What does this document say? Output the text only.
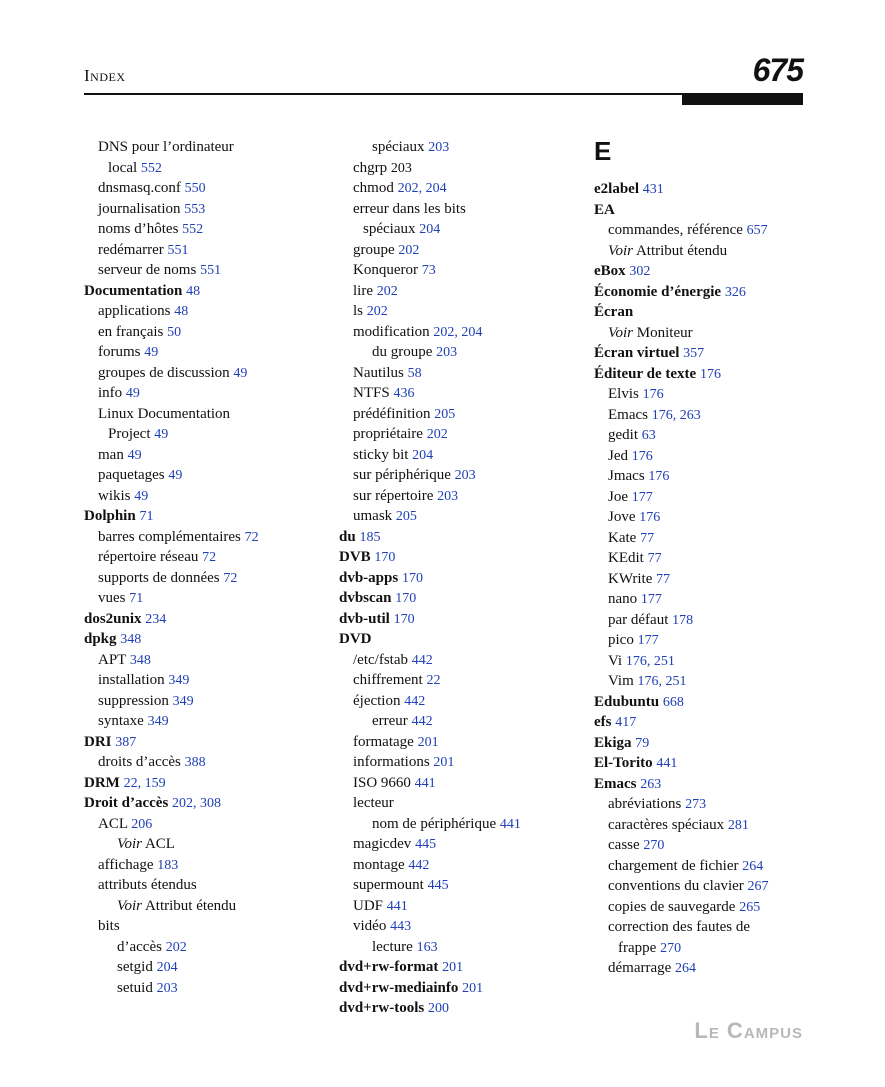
Index	675
DNS pour l’ordinateur
local 552
dnsmasq.conf 550
journalisation 553
noms d’hôtes 552
redémarrer 551
serveur de noms 551
Documentation 48
applications 48
en français 50
forums 49
groupes de discussion 49
info 49
Linux Documentation
Project 49
man 49
paquetages 49
wikis 49
Dolphin 71
barres complémentaires 72
répertoire réseau 72
supports de données 72
vues 71
dos2unix 234
dpkg 348
APT 348
installation 349
suppression 349
syntaxe 349
DRI 387
droits d’accès 388
DRM 22, 159
Droit d’accès 202, 308
ACL 206
Voir ACL
affichage 183
attributs étendus
Voir Attribut étendu
bits
d’accès 202
setgid 204
setuid 203
spéciaux 203
chgrp 203
chmod 202, 204
erreur dans les bits
spéciaux 204
groupe 202
Konqueror 73
lire 202
ls 202
modification 202, 204
du groupe 203
Nautilus 58
NTFS 436
prédéfinition 205
propriétaire 202
sticky bit 204
sur périphérique 203
sur répertoire 203
umask 205
du 185
DVB 170
dvb-apps 170
dvbscan 170
dvb-util 170
DVD
/etc/fstab 442
chiffrement 22
éjection 442
erreur 442
formatage 201
informations 201
ISO 9660 441
lecteur
nom de périphérique 441
magicdev 445
montage 442
supermount 445
UDF 441
vidéo 443
lecture 163
dvd+rw-format 201
dvd+rw-mediainfo 201
dvd+rw-tools 200
E
e2label 431
EA
commandes, référence 657
Voir Attribut étendu
eBox 302
Économie d’énergie 326
Écran
Voir Moniteur
Écran virtuel 357
Éditeur de texte 176
Elvis 176
Emacs 176, 263
gedit 63
Jed 176
Jmacs 176
Joe 177
Jove 176
Kate 77
KEdit 77
KWrite 77
nano 177
par défaut 178
pico 177
Vi 176, 251
Vim 176, 251
Edubuntu 668
efs 417
Ekiga 79
El-Torito 441
Emacs 263
abréviations 273
caractères spéciaux 281
casse 270
chargement de fichier 264
conventions du clavier 267
copies de sauvegarde 265
correction des fautes de
frappe 270
démarrage 264
Le Campus
